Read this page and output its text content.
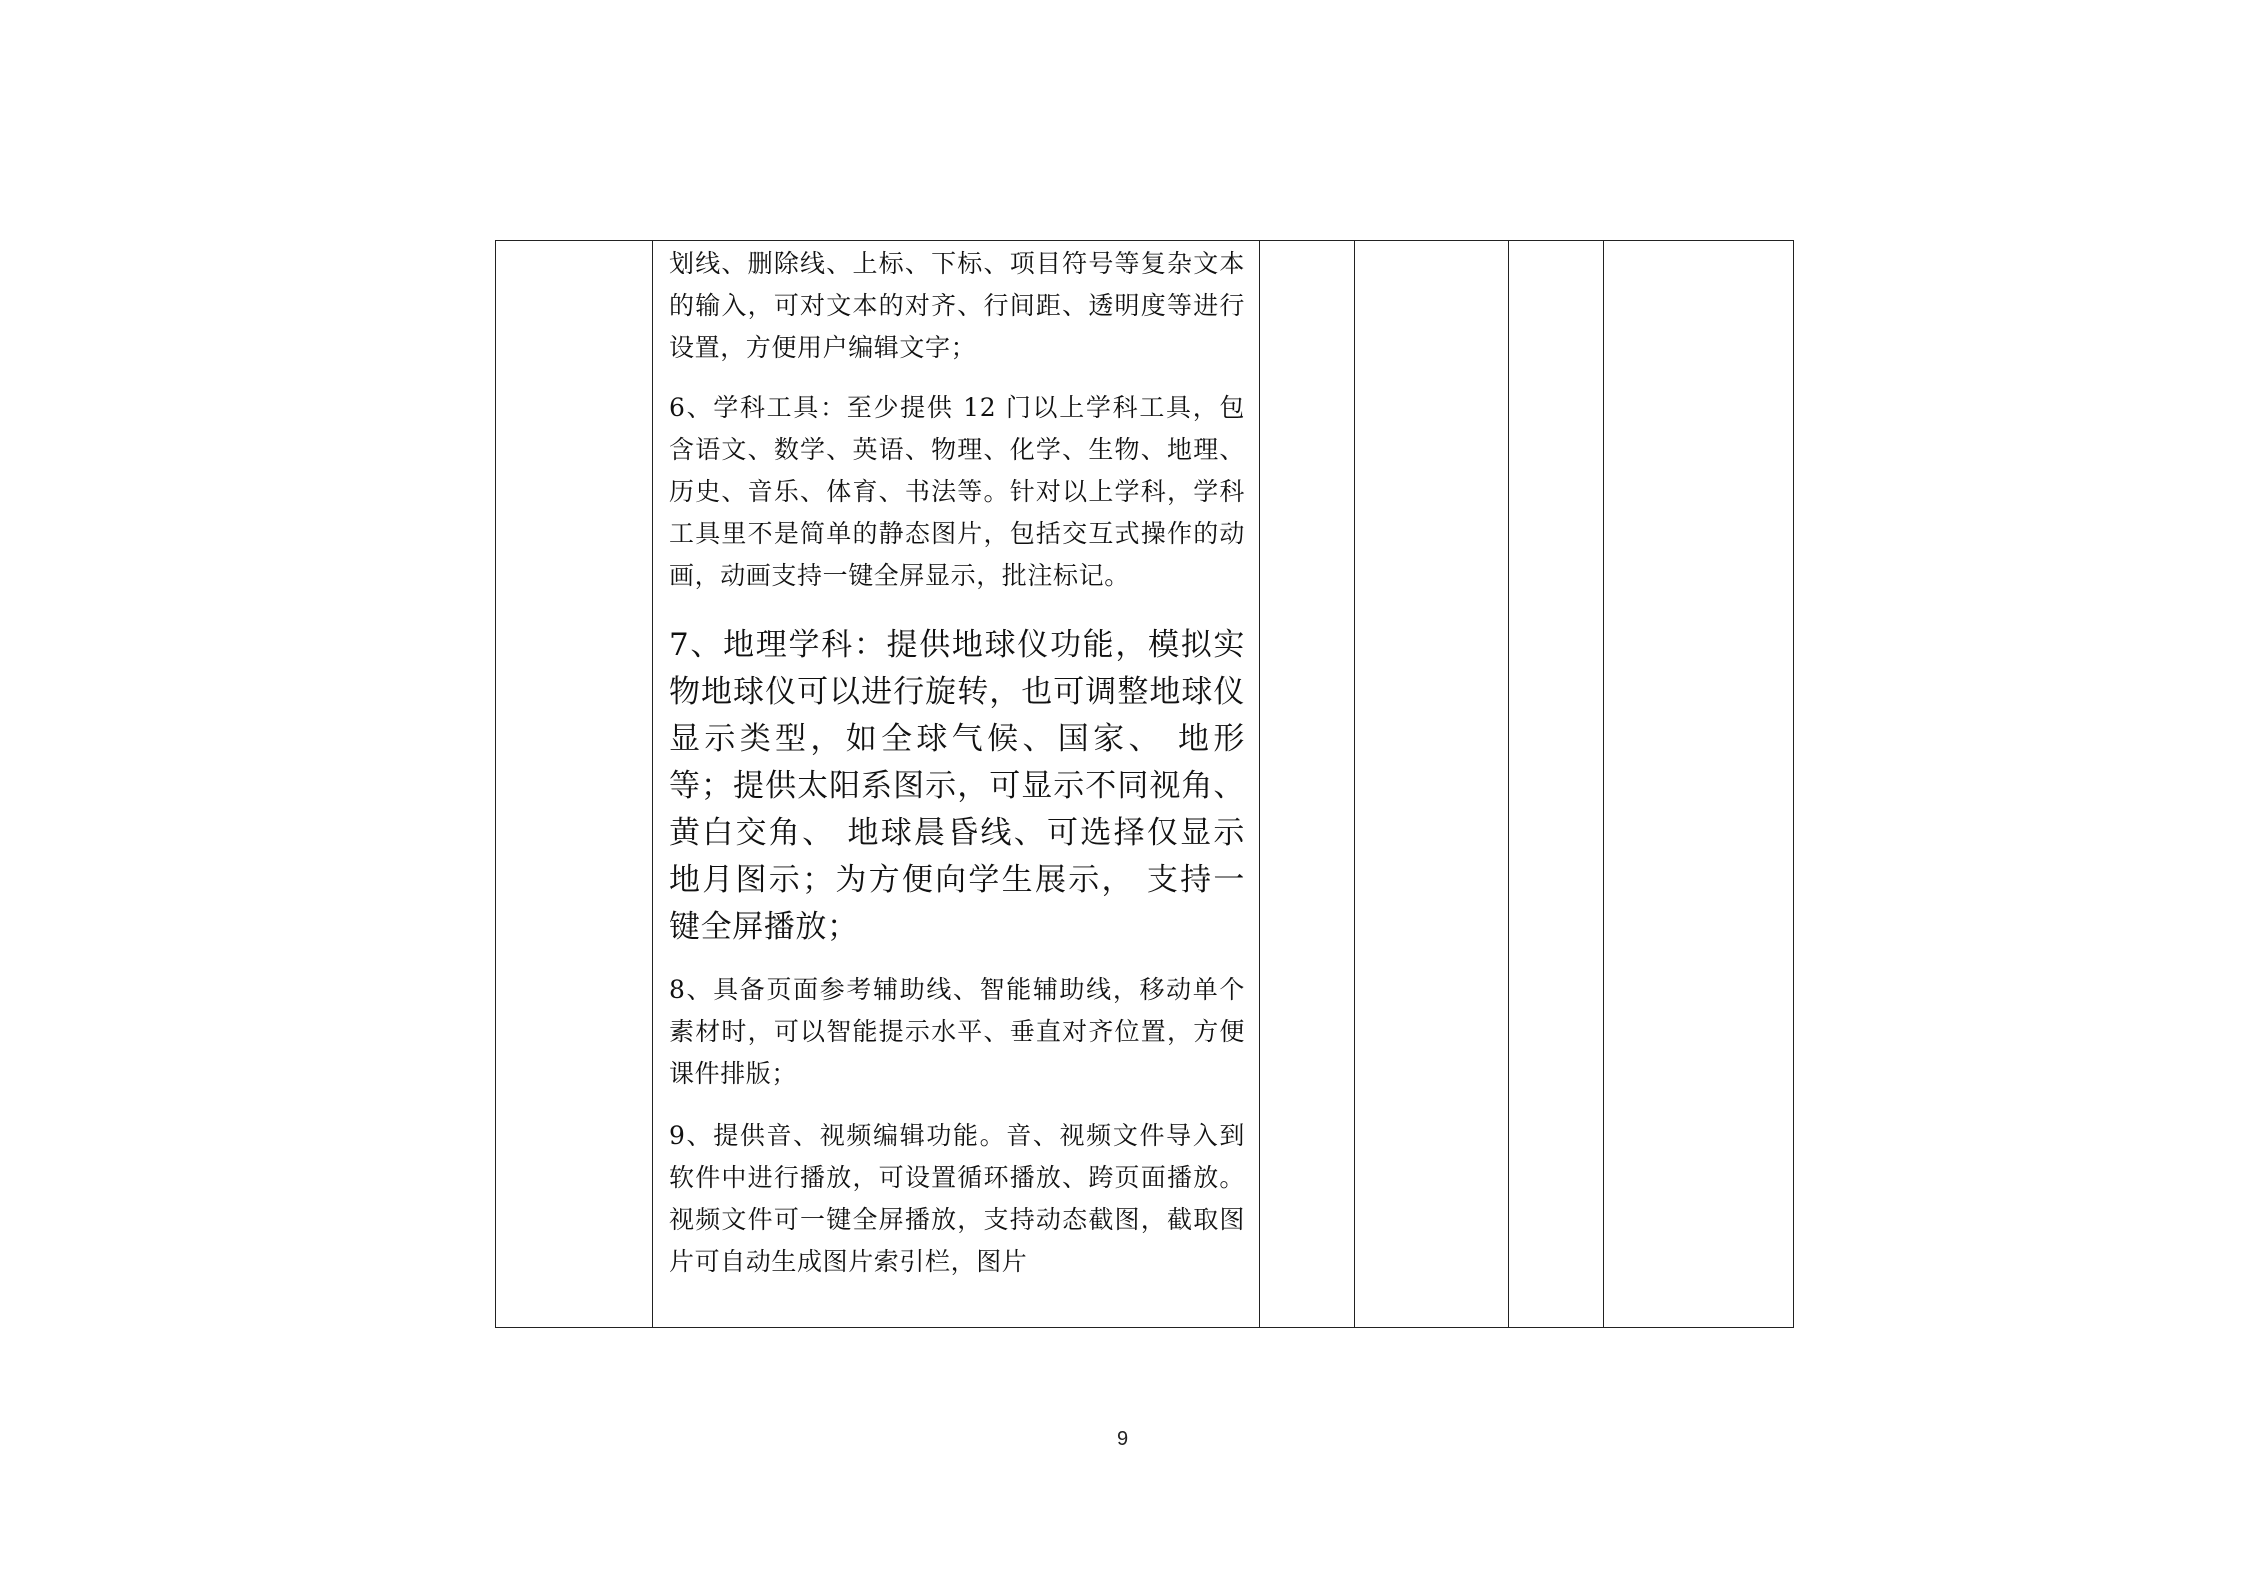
划线、删除线、上标、下标、项目符号等复杂文本的输入，可对文本的对齐、行间距、透明度等进行设置，方便用户编辑文字；

6、学科工具：至少提供 12 门以上学科工具，包含语文、数学、英语、物理、化学、生物、地理、历史、音乐、体育、书法等。针对以上学科，学科工具里不是简单的静态图片，包括交互式操作的动画，动画支持一键全屏显示，批注标记。

7、地理学科：提供地球仪功能，模拟实物地球仪可以进行旋转，也可调整地球仪显示类型，如全球气候、国家、 地形等；提供太阳系图示，可显示不同视角、黄白交角、 地球晨昏线、可选择仅显示地月图示；为方便向学生展示， 支持一键全屏播放；

8、具备页面参考辅助线、智能辅助线，移动单个素材时，可以智能提示水平、垂直对齐位置，方便课件排版；

9、提供音、视频编辑功能。音、视频文件导入到软件中进行播放，可设置循环播放、跨页面播放。视频文件可一键全屏播放，支持动态截图，截取图片可自动生成图片索引栏，图片

9
